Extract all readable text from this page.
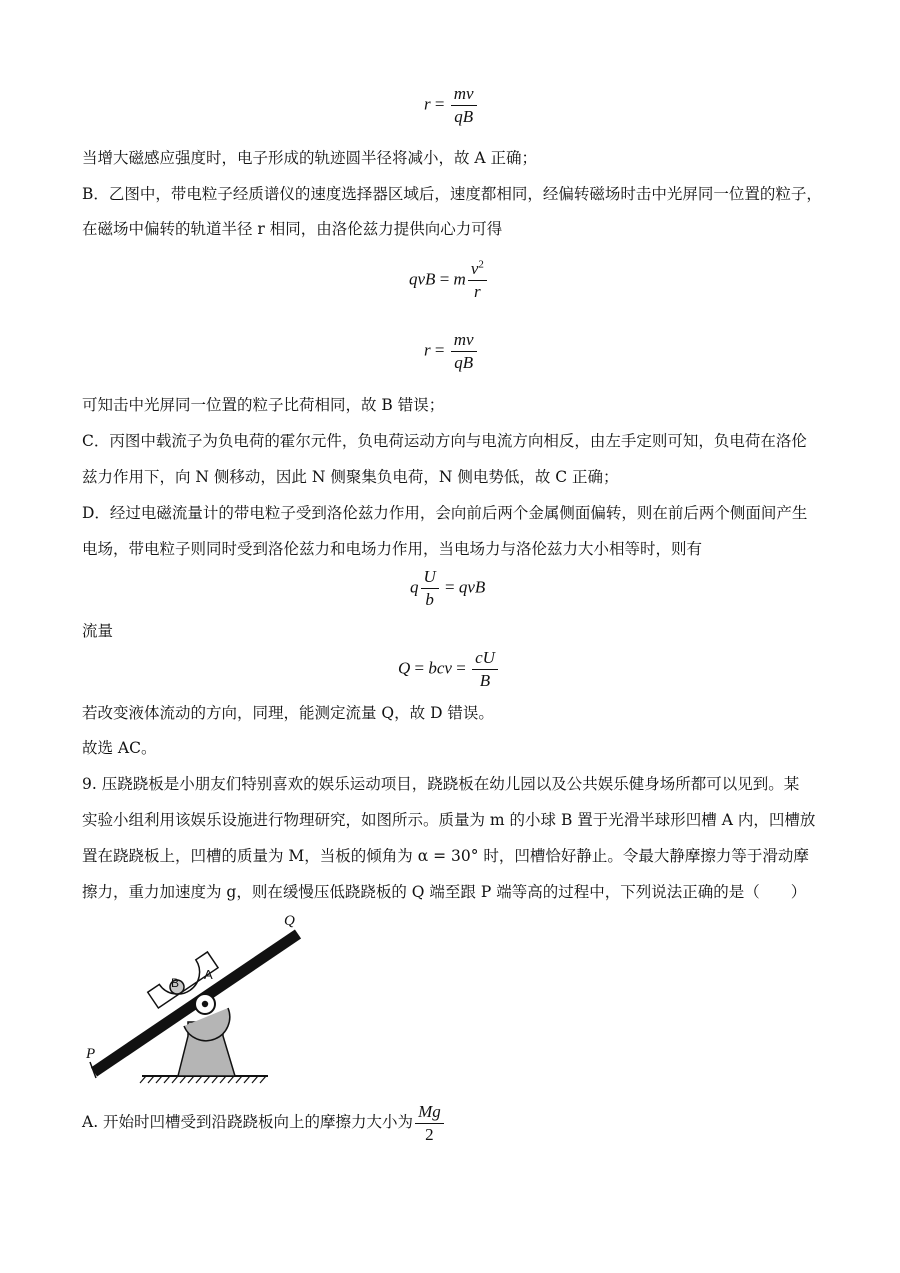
$r = \frac{mv}{qB}$
当增大磁感应强度时，电子形成的轨迹圆半径将减小，故 A 正确；
B．乙图中，带电粒子经质谱仪的速度选择器区域后，速度都相同，经偏转磁场时击中光屏同一位置的粒子，
在磁场中偏转的轨道半径 r 相同，由洛伦兹力提供向心力可得
qvB = m $\frac{v^2}{r}$
$r = \frac{mv}{qB}$
可知击中光屏同一位置的粒子比荷相同，故 B 错误；
C．丙图中载流子为负电荷的霍尔元件，负电荷运动方向与电流方向相反，由左手定则可知，负电荷在洛伦
兹力作用下，向 N 侧移动，因此 N 侧聚集负电荷，N 侧电势低，故 C 正确；
D．经过电磁流量计的带电粒子受到洛伦兹力作用，会向前后两个金属侧面偏转，则在前后两个侧面间产生
电场，带电粒子则同时受到洛伦兹力和电场力作用，当电场力与洛伦兹力大小相等时，则有
q $\frac{U}{b}$ = qvB
流量
Q = bcv = $\frac{cU}{B}$
若改变液体流动的方向，同理，能测定流量 Q，故 D 错误。
故选 AC。
9. 压跷跷板是小朋友们特别喜欢的娱乐运动项目，跷跷板在幼儿园以及公共娱乐健身场所都可以见到。某
实验小组利用该娱乐设施进行物理研究，如图所示。质量为 m 的小球 B 置于光滑半球形凹槽 A 内，凹槽放
置在跷跷板上，凹槽的质量为 M，当板的倾角为 α = 30° 时，凹槽恰好静止。令最大静摩擦力等于滑动摩
擦力，重力加速度为 g，则在缓慢压低跷跷板的 Q 端至跟 P 端等高的过程中，下列说法正确的是（　　）
Q
P
A
B
A. 开始时凹槽受到沿跷跷板向上的摩擦力大小为 $\frac{Mg}{2}$
